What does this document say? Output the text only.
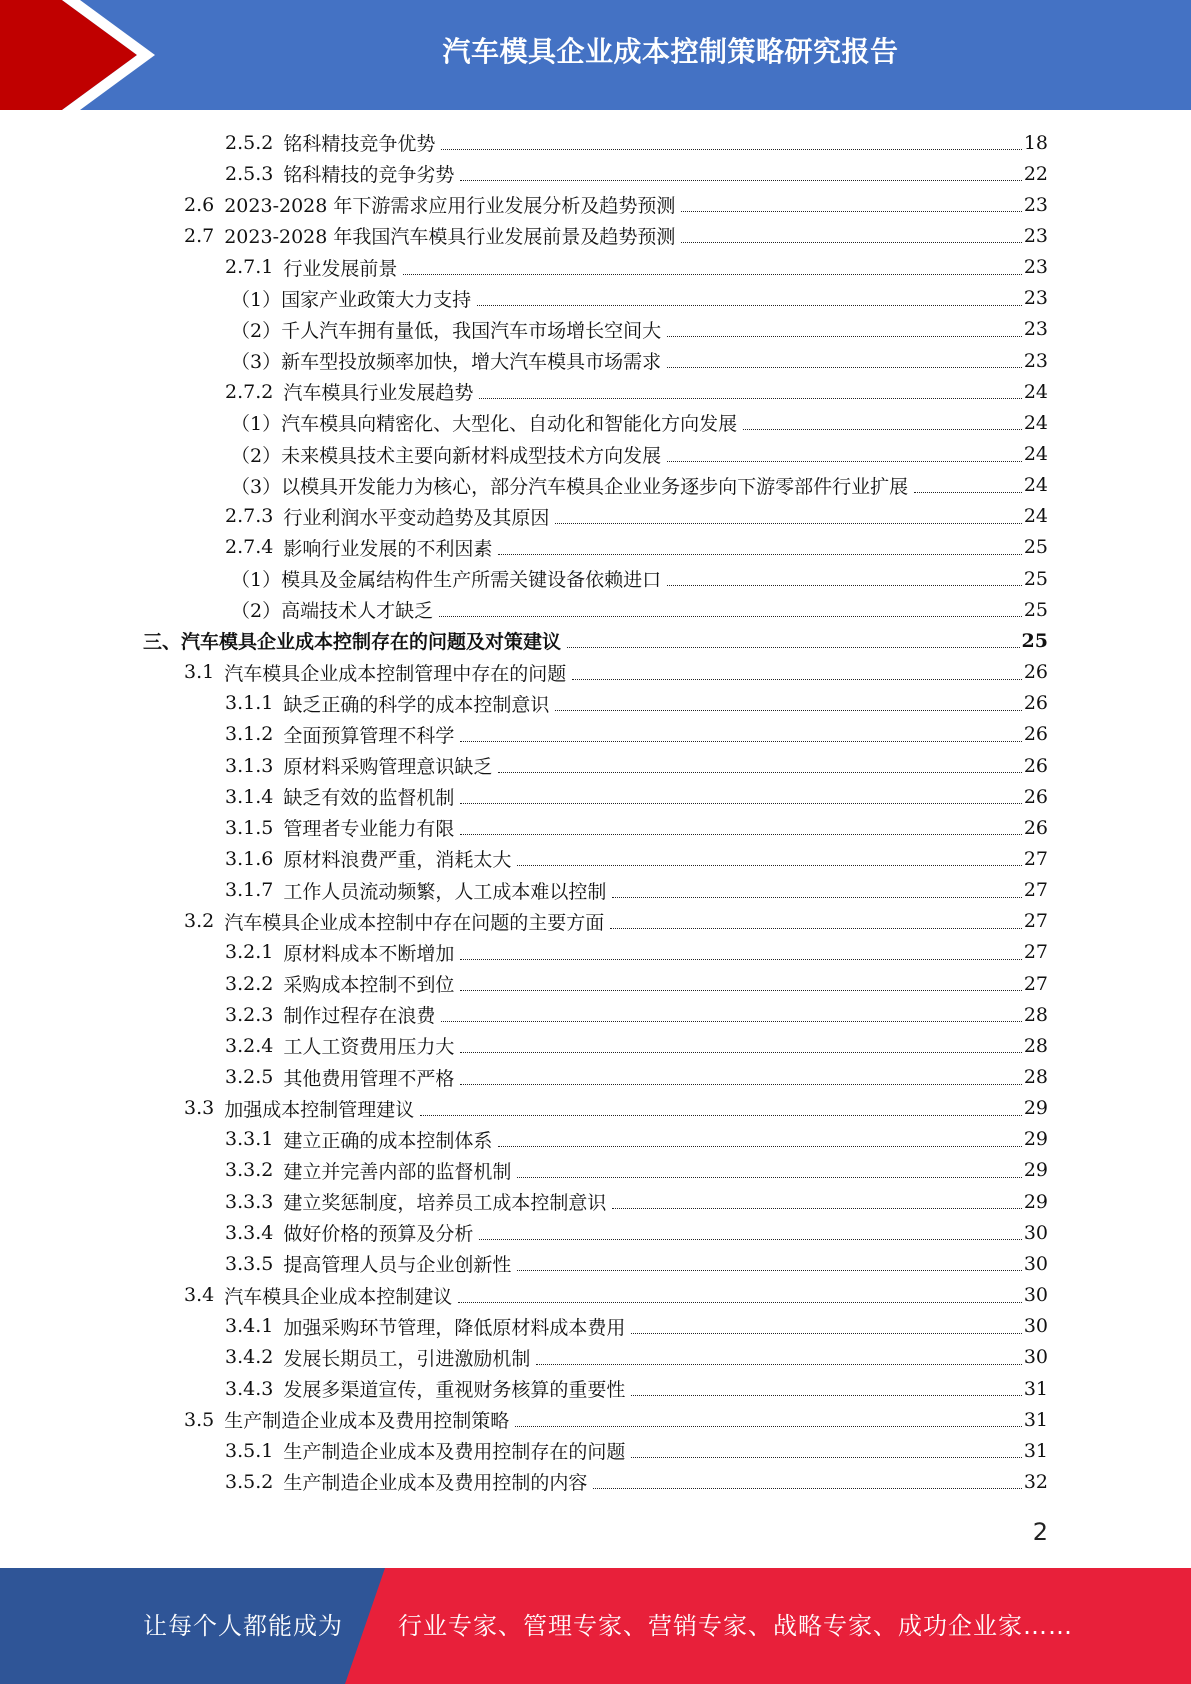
汽车模具企业成本控制策略研究报告
2.5.2 铭科精技竞争优势	18
2.5.3 铭科精技的竞争劣势	22
2.6 2023-2028 年下游需求应用行业发展分析及趋势预测	23
2.7 2023-2028 年我国汽车模具行业发展前景及趋势预测	23
2.7.1 行业发展前景	23
（1） 国家产业政策大力支持	23
（2） 千人汽车拥有量低，我国汽车市场增长空间大	23
（3） 新车型投放频率加快，增大汽车模具市场需求	23
2.7.2 汽车模具行业发展趋势	24
（1） 汽车模具向精密化、大型化、自动化和智能化方向发展	24
（2） 未来模具技术主要向新材料成型技术方向发展	24
（3） 以模具开发能力为核心，部分汽车模具企业业务逐步向下游零部件行业扩展	24
2.7.3 行业利润水平变动趋势及其原因	24
2.7.4 影响行业发展的不利因素	25
（1） 模具及金属结构件生产所需关键设备依赖进口	25
（2） 高端技术人才缺乏	25
三、 汽车模具企业成本控制存在的问题及对策建议	25
3.1 汽车模具企业成本控制管理中存在的问题	26
3.1.1 缺乏正确的科学的成本控制意识	26
3.1.2 全面预算管理不科学	26
3.1.3 原材料采购管理意识缺乏	26
3.1.4 缺乏有效的监督机制	26
3.1.5 管理者专业能力有限	26
3.1.6 原材料浪费严重，消耗太大	27
3.1.7 工作人员流动频繁，人工成本难以控制	27
3.2 汽车模具企业成本控制中存在问题的主要方面	27
3.2.1 原材料成本不断增加	27
3.2.2 采购成本控制不到位	27
3.2.3 制作过程存在浪费	28
3.2.4 工人工资费用压力大	28
3.2.5 其他费用管理不严格	28
3.3 加强成本控制管理建议	29
3.3.1 建立正确的成本控制体系	29
3.3.2 建立并完善内部的监督机制	29
3.3.3 建立奖惩制度，培养员工成本控制意识	29
3.3.4 做好价格的预算及分析	30
3.3.5 提高管理人员与企业创新性	30
3.4 汽车模具企业成本控制建议	30
3.4.1 加强采购环节管理，降低原材料成本费用	30
3.4.2 发展长期员工，引进激励机制	30
3.4.3 发展多渠道宣传，重视财务核算的重要性	31
3.5 生产制造企业成本及费用控制策略	31
3.5.1 生产制造企业成本及费用控制存在的问题	31
3.5.2 生产制造企业成本及费用控制的内容	32
2
让每个人都能成为 行业专家、管理专家、营销专家、战略专家、成功企业家……
